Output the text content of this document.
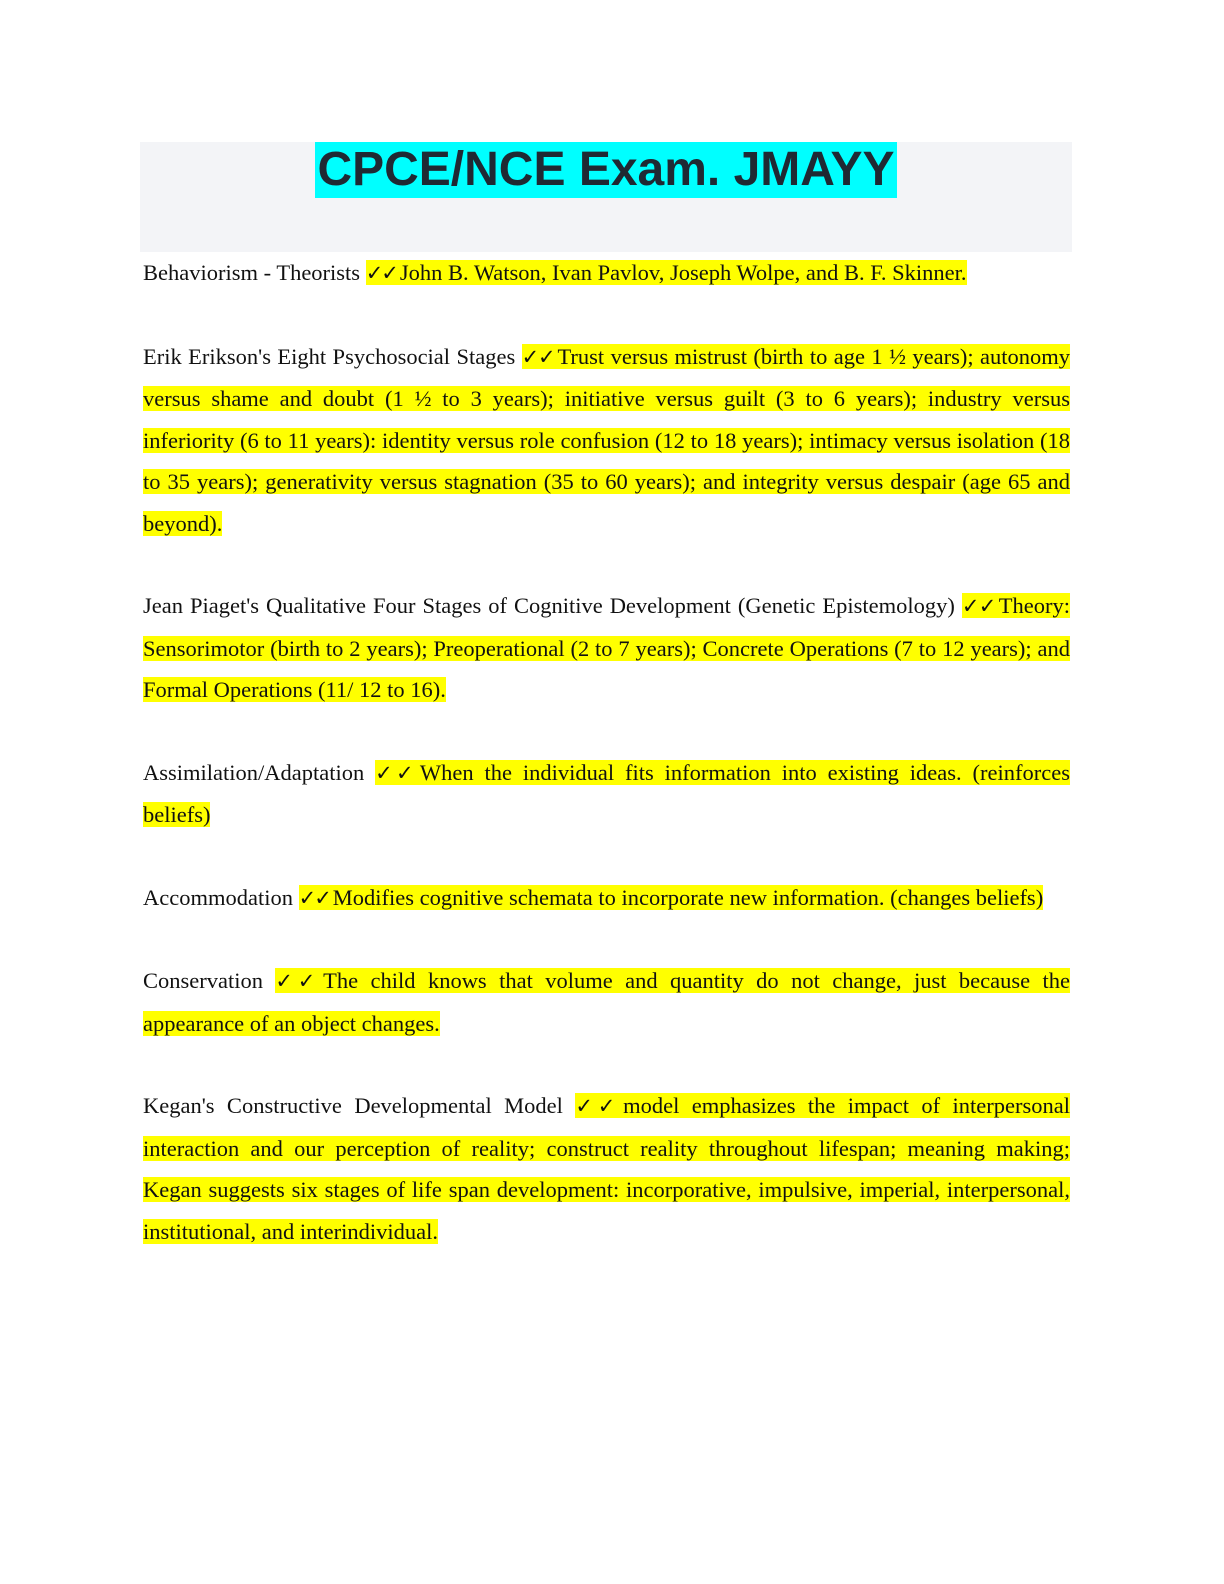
CPCE/NCE Exam. JMAYY

Behaviorism - Theorists ✓✓ John B. Watson, Ivan Pavlov, Joseph Wolpe, and B. F. Skinner.

Erik Erikson's Eight Psychosocial Stages ✓✓ Trust versus mistrust (birth to age 1 ½ years); autonomy versus shame and doubt (1 ½ to 3 years); initiative versus guilt (3 to 6 years); industry versus inferiority (6 to 11 years): identity versus role confusion (12 to 18 years); intimacy versus isolation (18 to 35 years); generativity versus stagnation (35 to 60 years); and integrity versus despair (age 65 and beyond).

Jean Piaget's Qualitative Four Stages of Cognitive Development (Genetic Epistemology) ✓✓ Theory: Sensorimotor (birth to 2 years); Preoperational (2 to 7 years); Concrete Operations (7 to 12 years); and Formal Operations (11/ 12 to 16).

Assimilation/Adaptation ✓✓ When the individual fits information into existing ideas. (reinforces beliefs)

Accommodation ✓✓ Modifies cognitive schemata to incorporate new information. (changes beliefs)

Conservation ✓✓ The child knows that volume and quantity do not change, just because the appearance of an object changes.

Kegan's Constructive Developmental Model ✓✓ model emphasizes the impact of interpersonal interaction and our perception of reality; construct reality throughout lifespan; meaning making; Kegan suggests six stages of life span development: incorporative, impulsive, imperial, interpersonal, institutional, and interindividual.
